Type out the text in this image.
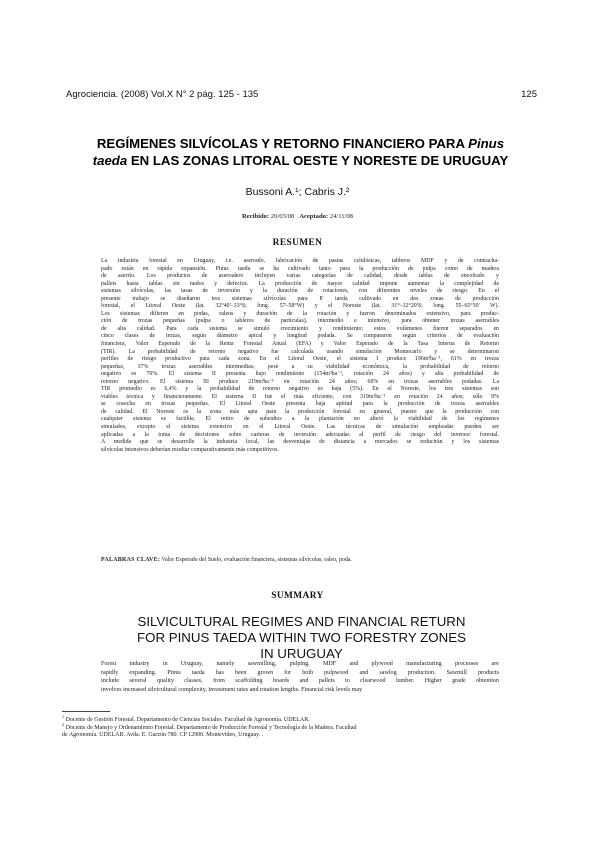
Agrociencia. (2008) Vol.X N° 2 pág. 125 - 135	125
REGÍMENES SILVÍCOLAS Y RETORNO FINANCIERO PARA Pinus
taeda EN LAS ZONAS LITORAL OESTE Y NORESTE DE URUGUAY
Bussoni A.¹; Cabris J.²
Recibido: 20/03/08 Aceptado: 24/11/08
RESUMEN

La industria forestal en Uruguay, i.e. aserrado, fabricación de pastas celulósicas, tableros MDF y de contracha-

pado están en rápida expansión. Pinus taeda se ha cultivado tanto para la producción de pulpa como de madera

de aserrío. Los productos de aserradero incluyen varias categorías de calidad, desde tablas de encofrado y

pallets hasta tablas sin nudos y defectos. La producción de mayor calidad impone aumentar la complejidad de

sistemas silvícolas, las tasas de inversión y la duración de rotaciones, con diferentes niveles de riesgo. En el

presente trabajo se diseñaron tres sistemas silvícolas para P. taeda cultivado en dos zonas de producción

forestal, el Litoral Oeste (lat. 32°40'–33°S; long. 57–58°W) y el Noreste (lat. 31°–32°20'S; long. 55–65°30' W).

Los sistemas difieren en podas, raleos y duración de la rotación y fueron denominados extensivo, para produc-

ción de trozas pequeñas (pulpa o tableros de partículas), intermedio e intensivo, para obtener trozas aserrables

de alta calidad. Para cada sistema se simuló crecimiento y rendimiento; estos volúmenes fueron separados en

cinco clases de trozas, según diámetro apical y longitud podada. Se compararon según criterios de evaluación

financiera, Valor Esperado de la Renta Forestal Anual (EFA) y Valor Esperado de la Tasa Interna de Retorno

(TIR). La probabilidad de retorno negativo fue calculada usando simulación Montecarlo y se determinaron

perfiles de riesgo productivo para cada zona. En el Litoral Oeste, el sistema I produce 196m³ha⁻¹, 61% en trozas

pequeñas, 37% trozas aserrables intermedias; pese a su viabilidad económica, la probabilidad de retorno

negativo es 70%. El sistema II presenta bajo rendimiento (154m³ha⁻¹, rotación 24 años) y alta probabilidad de

retorno negativo. El sistema III produce 219m³ha⁻¹ en rotación 24 años; 60% en trozas aserrables podadas. La

TIR promedio es 6,4% y la probabilidad de retorno negativo es baja (5%). En el Noreste, los tres sistemas son

viables técnica y financieramente. El sistema II fue el más eficiente, con 319m³ha⁻¹ en rotación 24 años; sólo 9%

se cosecha en trozas pequeñas. El Litoral Oeste presenta baja aptitud para la producción de trozas aserrables

de calidad. El Noreste es la zona más apta para la producción forestal en general, puesto que la producción con

cualquier sistema es factible. El retiro de subsidios a la plantación no alteró la viabilidad de los regímenes

simulados, excepto el sistema extensivo en el Litoral Oeste. Las técnicas de simulación empleadas pueden ser

aplicadas a la toma de decisiones sobre carteras de inversión adecuadas al perfil de riesgo del inversor forestal.

A medida que se desarrolle la industria local, las desventajas de distancia a mercados se reducirán y los sistemas

silvícolas intensivos deberían resultar comparativamente más competitivos.

PALABRAS CLAVE: Valor Esperado del Suelo, evaluación financiera, sistemas silvícolas, raleo, poda.
SUMMARY
SILVICULTURAL REGIMES AND FINANCIAL RETURN
FOR PINUS TAEDA WITHIN TWO FORESTRY ZONES
IN URUGUAY

Forest industry in Uruguay, namely sawmilling, pulping, MDF and plywood manufacturing processes are

rapidly expanding. Pinus taeda has been grown for both pulpwood and sawlog production. Sawmill products

include several quality classes, from scaffolding boards and pallets to clearwood lumber. Higher grade obtention

involves increased silvicultural complexity, investment rates and rotation lengths. Financial risk levels may

$^1$ Docente de Gestión Forestal. Departamento de Ciencias Sociales. Facultad de Agronomía. UDELAR.

$^2$ Docente de Manejo y Ordenamiento Forestal. Departamento de Producción Forestal y Tecnología de la Madera. Facultad

de Agronomía. UDELAR. Avda. E. Garzón 780. CP 12900. Montevideo, Uruguay. .
